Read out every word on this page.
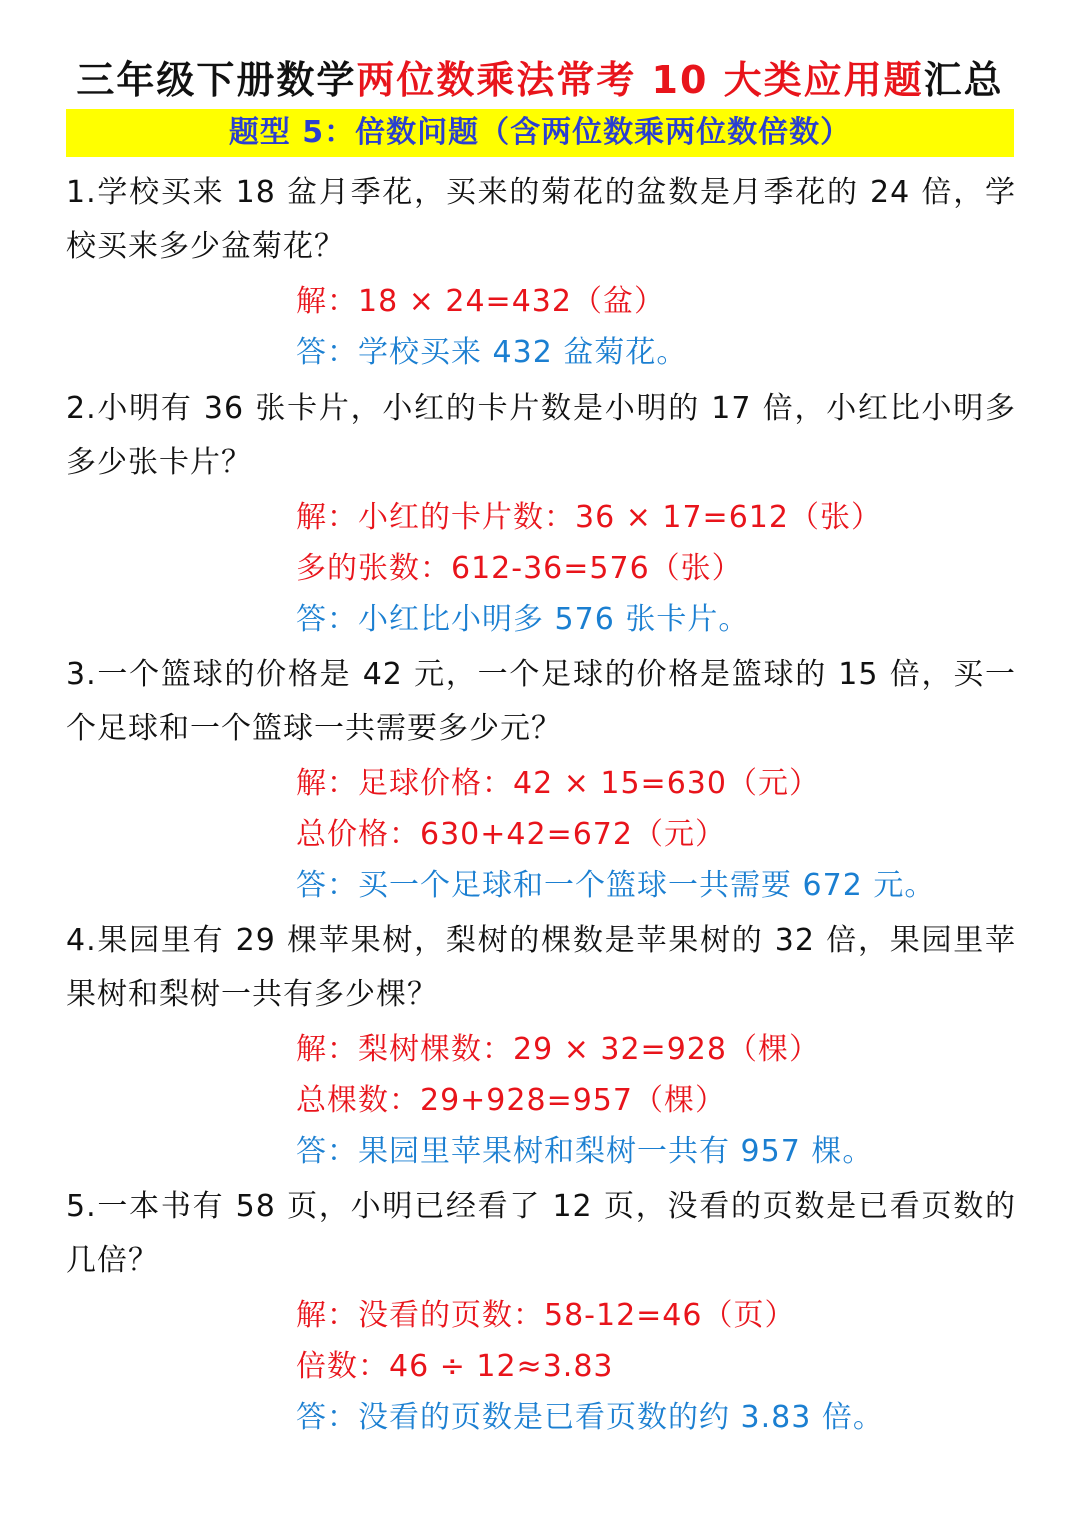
三年级下册数学两位数乘法常考 10 大类应用题汇总
题型 5：倍数问题（含两位数乘两位数倍数）

1.学校买来 18 盆月季花，买来的菊花的盆数是月季花的 24 倍，学校买来多少盆菊花？

解：18 × 24=432（盆）
答：学校买来 432 盆菊花。

2.小明有 36 张卡片，小红的卡片数是小明的 17 倍，小红比小明多多少张卡片？

解：小红的卡片数：36 × 17=612（张）
多的张数：612-36=576（张）
答：小红比小明多 576 张卡片。

3.一个篮球的价格是 42 元，一个足球的价格是篮球的 15 倍，买一个足球和一个篮球一共需要多少元？

解：足球价格：42 × 15=630（元）
总价格：630+42=672（元）
答：买一个足球和一个篮球一共需要 672 元。

4.果园里有 29 棵苹果树，梨树的棵数是苹果树的 32 倍，果园里苹果树和梨树一共有多少棵？

解：梨树棵数：29 × 32=928（棵）
总棵数：29+928=957（棵）
答：果园里苹果树和梨树一共有 957 棵。

5.一本书有 58 页，小明已经看了 12 页，没看的页数是已看页数的几倍？

解：没看的页数：58-12=46（页）
倍数：46 ÷ 12≈3.83
答：没看的页数是已看页数的约 3.83 倍。
